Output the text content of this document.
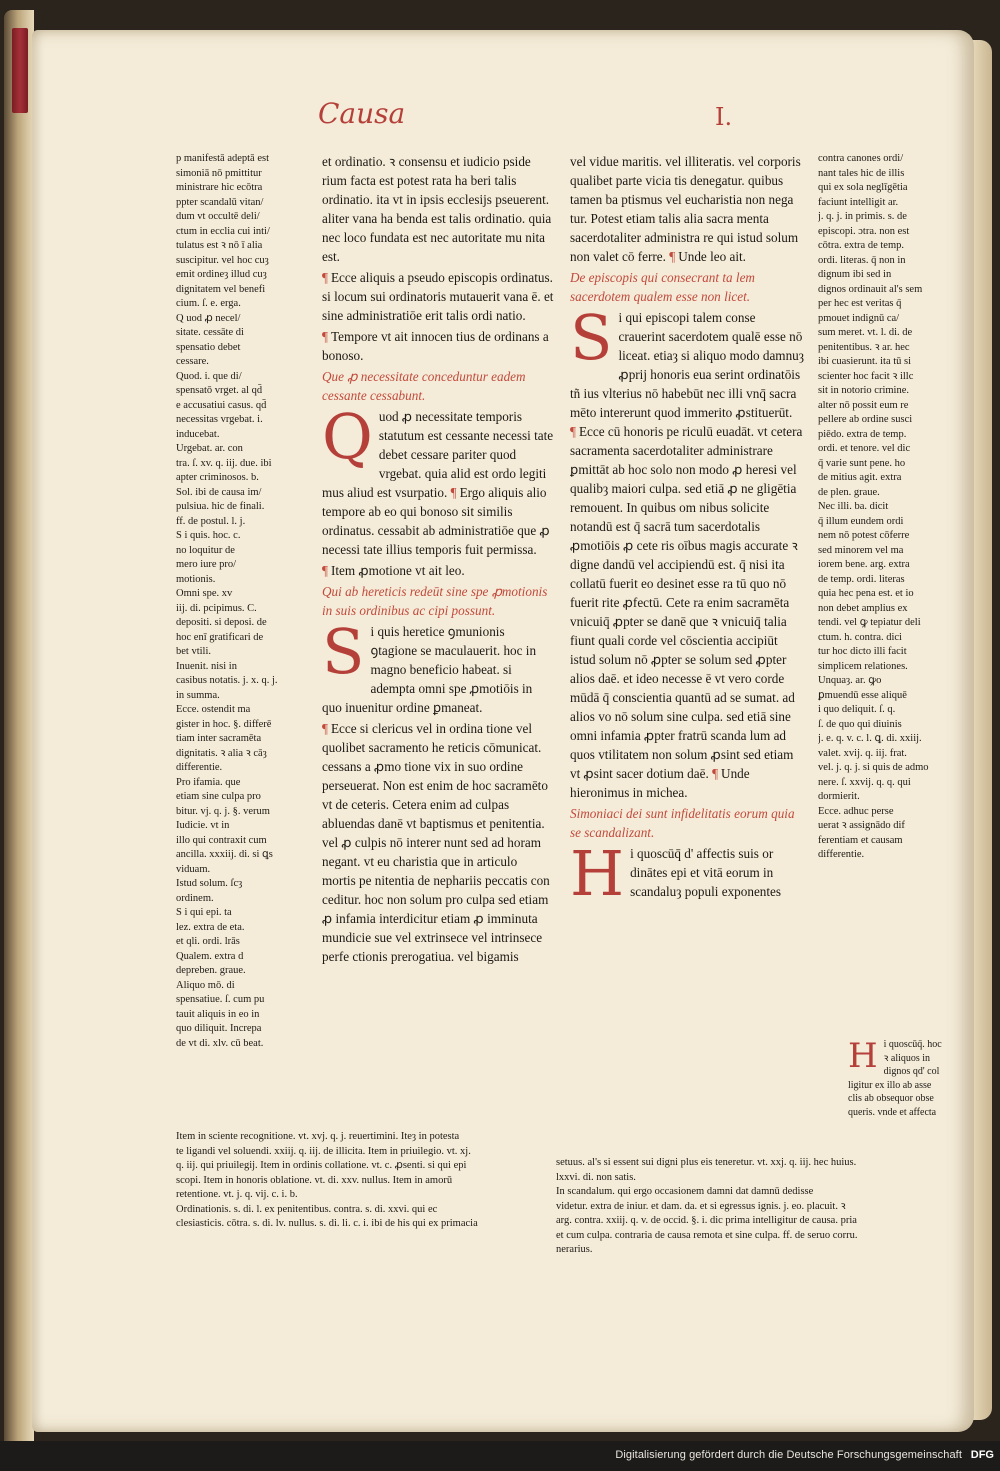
Causa	I.
p manifestā adeptā est
simoniā nō pmittitur
ministrare hic ecōtra
ppter scandalū vitan/
dum vt occultē deli/
ctum in ecclia cui inti/
tulatus est ꝛ nō ī alia
suscipitur. vel hoc cuȝ
emit ordineȝ illud cuȝ
dignitatem vel benefi
cium. ſ. e. erga.
Q uod ꝓ necel/
sitate. cessāte di
spensatio debet
cessare.
Quod. i. que di/
spensatō vrget. al qd̄
e accusatiui casus. qd̄
necessitas vrgebat. i.
inducebat.
Urgebat. ar. con
tra. ſ. xv. q. iij. due. ibi
apter criminosos. b.
Sol. ibi de causa im/
pulsiua. hic de finali.
ff. de postul. l. j.
S i quis. hoc. c.
no loquitur de
mero iure pro/
motionis.
Omni spe. xv
iij. di. pcipimus. C.
depositi. si deposi. de
hoc enī gratificari de
bet vtili.
Inuenit. nisi in
casibus notatis. j. x. q. j.
in summa.
Ecce. ostendit ma
gister in hoc. §. differē
tiam inter sacramēta
dignitatis. ꝛ alia ꝛ cāȝ
differentie.
Pro ifamia. que
etiam sine culpa pro
bitur. vj. q. j. §. verum
Iudicie. vt in
illo qui contraxit cum
ancilla. xxxiij. di. si ꝗs
viduam.
Istud solum. ſcȝ
ordinem.
S i qui epi. ta
lez. extra de eta.
et qli. ordi. lrās
Qualem. extra d
depreben. graue.
Aliquo mō. di
spensatiue. ſ. cum pu
tauit aliquis in eo in
quo diliquit. Increpa
de vt di. xlv. cū beat.

et ordinatio. ꝛ consensu et iudicio pside rium facta est potest rata ha beri talis ordinatio. ita vt in ipsis ecclesijs pseuerent. aliter vana ha benda est talis ordinatio. quia nec loco fundata est nec autoritate mu nita est.

¶ Ecce aliquis a pseudo episcopis ordinatus. si locum sui ordinatoris mutauerit vana ē. et sine administratiōe erit talis ordi natio.

¶ Tempore vt ait innocen tius de ordinans a bonoso.

Que ꝓ necessitate conceduntur eadem cessante cessabunt.

Quod ꝓ necessitate temporis statutum est cessante necessi tate debet cessare pariter quod vrgebat. quia alid est ordo legiti mus aliud est vsurpatio. ¶ Ergo aliquis alio tempore ab eo qui bonoso sit similis ordinatus. cessabit ab administratiōe que ꝓ necessi tate illius temporis fuit permissa.

¶ Item ꝓmotione vt ait leo.

Qui ab hereticis redeūt sine spe ꝓmotionis in suis ordinibus ac cipi possunt.

Si quis heretice ꝯmunionis ꝯtagione se maculauerit. hoc in magno beneficio habeat. si adempta omni spe ꝓmotiōis in quo inuenitur ordine ꝑmaneat.

¶ Ecce si clericus vel in ordina tione vel quolibet sacramento he reticis cōmunicat. cessans a ꝓmo tione vix in suo ordine perseuerat. Non est enim de hoc sacramēto vt de ceteris. Cetera enim ad culpas abluendas danē vt baptismus et penitentia. vel ꝓ culpis nō interer nunt sed ad horam negant. vt eu charistia que in articulo mortis pe nitentia de nephariis peccatis con ceditur. hoc non solum pro culpa sed etiam ꝓ infamia interdicitur etiam ꝓ imminuta mundicie sue vel extrinsece vel intrinsece perfe ctionis prerogatiua. vel bigamis

vel vidue maritis. vel illiteratis. vel corporis qualibet parte vicia tis denegatur. quibus tamen ba ptismus vel eucharistia non nega tur. Potest etiam talis alia sacra menta sacerdotaliter administra re qui istud solum non valet cō ferre. ¶ Unde leo ait.

De episcopis qui consecrant ta lem sacerdotem qualem esse non licet.

Si qui episcopi talem conse crauerint sacerdotem qualē esse nō liceat. etiaȝ si aliquo modo damnuȝ ꝓprij honoris eua serint ordinatōis tñ ius vlterius nō habebūt nec illi vnq̄ sacra mēto intererunt quod immerito ꝓstituerūt. ¶ Ecce cū honoris pe riculū euadāt. vt cetera sacramenta sacerdotaliter administrare ꝑmittāt ab hoc solo non modo ꝓ heresi vel qualibȝ maiori culpa. sed etiā ꝓ ne gligētia remouent. In quibus om nibus solicite notandū est q̄ sacrā tum sacerdotalis ꝓmotiōis ꝓ cete ris oībus magis accurate ꝛ digne dandū vel accipiendū est. q̄ nisi ita collatū fuerit eo desinet esse ra tū quo nō fuerit rite ꝓfectū. Cete ra enim sacramēta vnicuiq̄ ꝓpter se danē que ꝛ vnicuiq̄ talia fiunt quali corde vel cōscientia accipiūt istud solum nō ꝓpter se solum sed ꝓpter alios daē. et ideo necesse ē vt vero corde mūdā q̄ conscientia quantū ad se sumat. ad alios vo nō solum sine culpa. sed etiā sine omni infamia ꝓpter fratrū scanda lum ad quos vtilitatem non solum ꝓsint sed etiam vt ꝓsint sacer dotium daē. ¶ Unde hieronimus in michea.

Simoniaci dei sunt infidelitatis eorum quia se scandalizant.

Hi quoscūq̄ d' affectis suis or dinātes epi et vitā eorum in scandaluȝ populi exponentes

contra canones ordi/
nant tales hic de illis
qui ex sola neglīgētia
faciunt intelligit ar.
j. q. j. in primis. s. de
episcopi. ɔtra. non est
cōtra. extra de temp.
ordi. literas. q̄ non in
dignum ibi sed in
dignos ordinauit al's sem
per hec est veritas q̄
pmouet indignū ca/
sum meret. vt. l. di. de
penitentibus. ꝛ ar. hec
ibi cuasierunt. ita tū si
scienter hoc facit ꝛ illc
sit in notorio crimine.
alter nō possit eum re
pellere ab ordine susci
piēdo. extra de temp.
ordi. et tenore. vel dic
q̄ varie sunt pene. ho
de mitius agit. extra
de plen. graue.
Nec illi. ba. dicit
q̄ illum eundem ordi
nem nō potest cōferre
sed minorem vel ma
iorem bene. arg. extra
de temp. ordi. literas
quia hec pena est. et io
non debet amplius ex
tendi. vel ꝙ tepiatur deli
ctum. h. contra. dici
tur hoc dicto illi facit
simplicem relationes.
Unquaȝ. ar. ꝙo
ꝑmuendū esse aliquē
i quo deliquit. ſ. q.
ſ. de quo qui diuinis
j. e. q. v. c. l. ꝗ. di. xxiij.
valet. xvij. q. iij. frat.
vel. j. q. j. si quis de admo
nere. ſ. xxvij. q. q. qui
dormierit.
Ecce. adhuc perse
uerat ꝛ assignādo dif
ferentiam et causam
differentie.
Hi quoscūq̄. hoc ꝛ aliquos in dignos qd' col ligitur ex illo ab asse clis ab obsequor obse queris. vnde et affecta

Item in sciente recognitione. vt. xvj. q. j. reuertimini. Iteȝ in potesta

te ligandi vel soluendi. xxiij. q. iij. de illicita. Item in priuilegio. vt. xj.

q. iij. qui priuilegij. Item in ordinis collatione. vt. c. ꝓsenti. si qui epi

scopi. Item in honoris oblatione. vt. di. xxv. nullus. Item in amorū

retentione. vt. j. q. vij. c. i. b.

Ordinationis. s. di. l. ex penitentibus. contra. s. di. xxvi. qui ec

clesiasticis. cōtra. s. di. lv. nullus. s. di. li. c. i. ibi de his qui ex primacia

setuus. al's si essent sui digni plus eis teneretur. vt. xxj. q. iij. hec huius.

lxxvi. di. non satis.

In scandalum. qui ergo occasionem damni dat damnū dedisse

videtur. extra de iniur. et dam. da. et si egressus ignis. j. eo. placuit. ꝛ

arg. contra. xxiij. q. v. de occid. §. i. dic prima intelligitur de causa. pria

et cum culpa. contraria de causa remota et sine culpa. ff. de seruo corru.

nerarius.

Digitalisierung gefördert durch die Deutsche Forschungsgemeinschaft DFG
